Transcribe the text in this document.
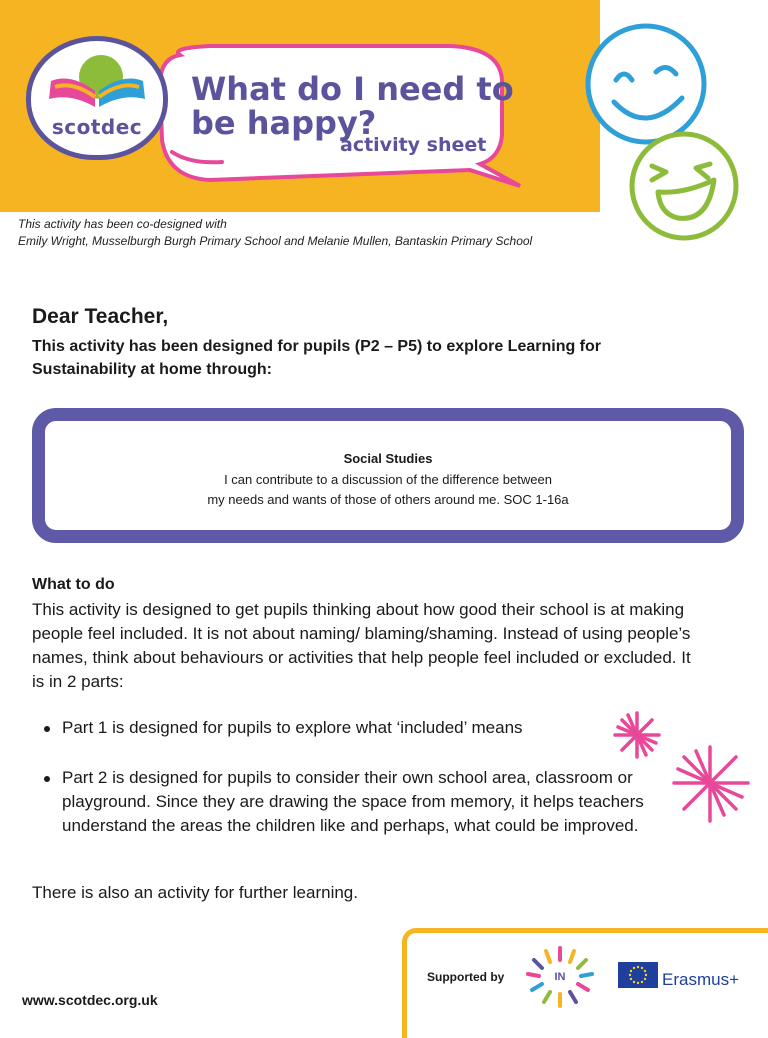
scotdec
What do I need to
be happy?
activity sheet
This activity has been co-designed with
Emily Wright, Musselburgh Burgh Primary School and Melanie Mullen, Bantaskin Primary School
Dear Teacher,

This activity has been designed for pupils (P2 – P5) to explore Learning for Sustainability at home through:

Social Studies
I can contribute to a discussion of the difference between
my needs and wants of those of others around me. SOC 1-16a
What to do

This activity is designed to get pupils thinking about how good their school is at making people feel included. It is not about naming/ blaming/shaming. Instead of using people’s names, think about behaviours or activities that help people feel included or excluded. It is in 2 parts:

Part 1 is designed for pupils to explore what ‘included’ means
Part 2 is designed for pupils to consider their own school area, classroom or playground. Since they are drawing the space from memory, it helps teachers understand the areas the children like and perhaps, what could be improved.

There is also an activity for further learning.

Supported by	IN	Erasmus+
www.scotdec.org.uk
